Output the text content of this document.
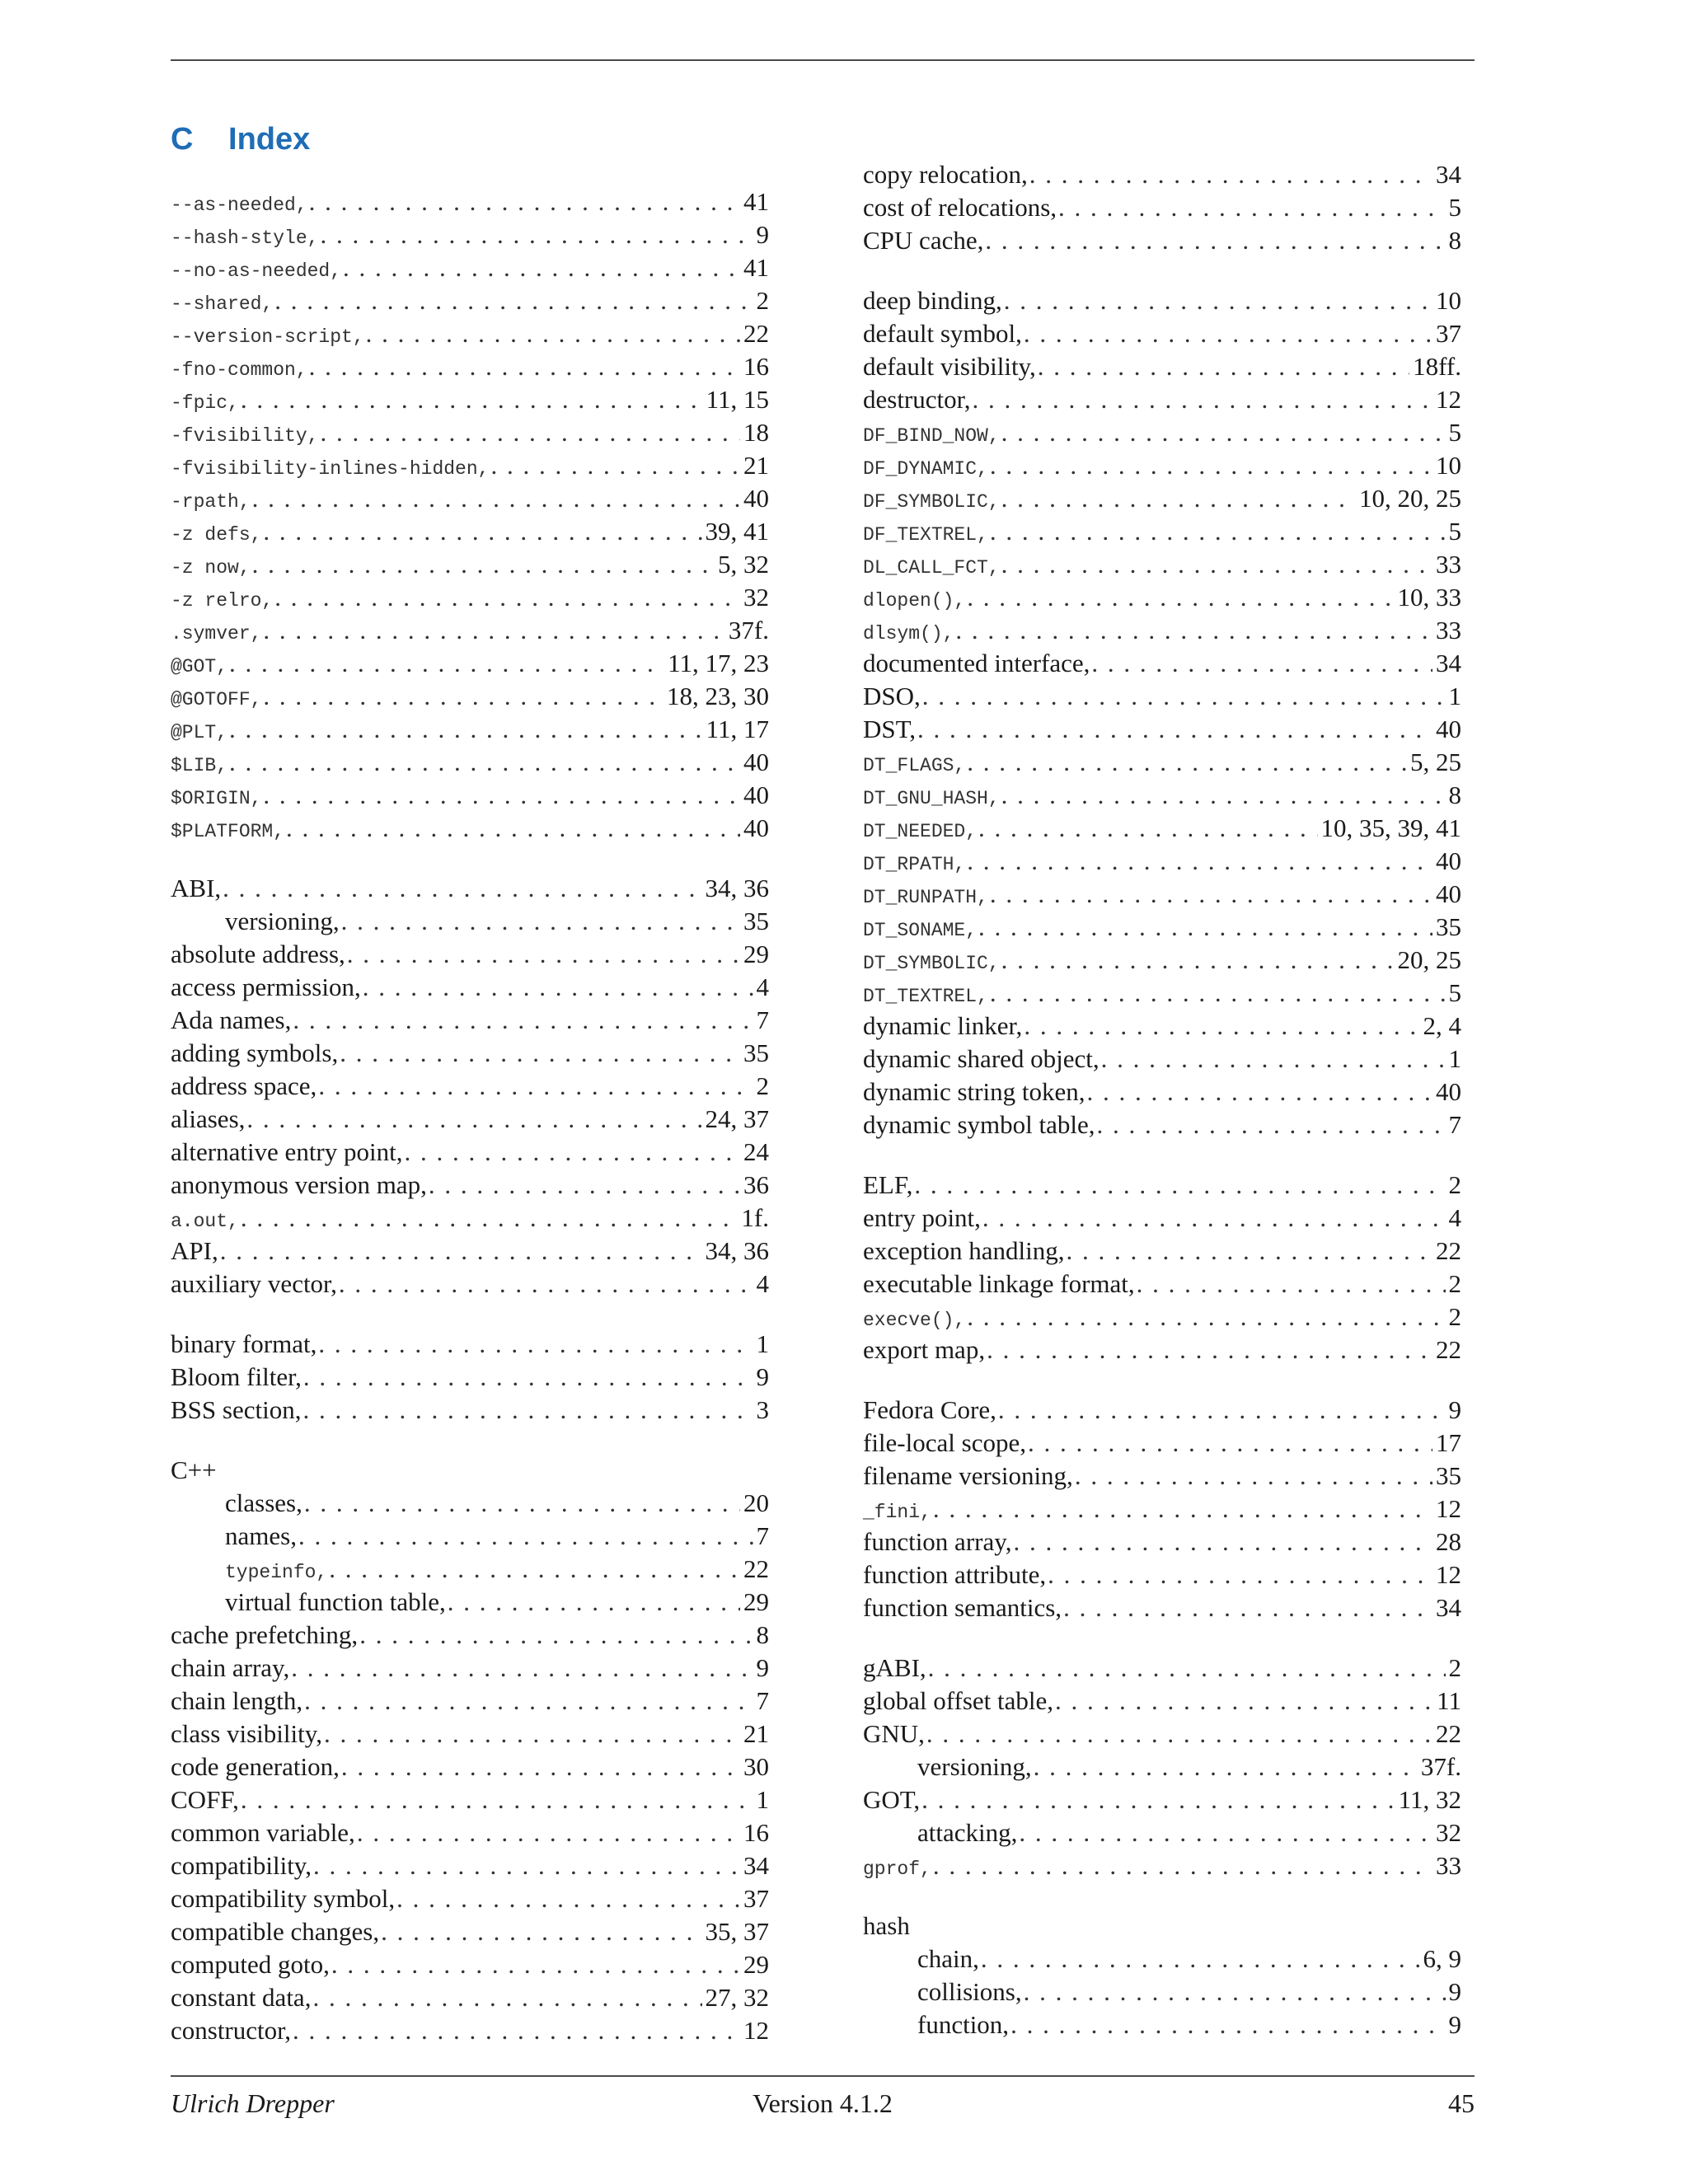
C Index
--as-needed, . . .	41
--hash-style, . . .	9
--no-as-needed, . . .	41
--shared, . . .	2
--version-script, . . .	22
-fno-common, . . .	16
-fpic, . . .	11, 15
-fvisibility, . . .	18
-fvisibility-inlines-hidden, . . .	21
-rpath, . . .	40
-z defs, . . .	39, 41
-z now, . . .	5, 32
-z relro, . . .	32
.symver, . . .	37f.
@GOT, . . .	11, 17, 23
@GOTOFF, . . .	18, 23, 30
@PLT, . . .	11, 17
$LIB, . . .	40
$ORIGIN, . . .	40
$PLATFORM, . . .	40
ABI, . . .	34, 36
versioning, . . .	35
absolute address, . . .	29
access permission, . . .	4
Ada names, . . .	7
adding symbols, . . .	35
address space, . . .	2
aliases, . . .	24, 37
alternative entry point, . . .	24
anonymous version map, . . .	36
a.out, . . .	1f.
API, . . .	34, 36
auxiliary vector, . . .	4
binary format, . . .	1
Bloom filter, . . .	9
BSS section, . . .	3
C++
classes, . . .	20
names, . . .	7
typeinfo, . . .	22
virtual function table, . . .	29
cache prefetching, . . .	8
chain array, . . .	9
chain length, . . .	7
class visibility, . . .	21
code generation, . . .	30
COFF, . . .	1
common variable, . . .	16
compatibility, . . .	34
compatibility symbol, . . .	37
compatible changes, . . .	35, 37
computed goto, . . .	29
constant data, . . .	27, 32
constructor, . . .	12
copy relocation, . . .	34
cost of relocations, . . .	5
CPU cache, . . .	8
deep binding, . . .	10
default symbol, . . .	37
default visibility, . . .	18ff.
destructor, . . .	12
DF_BIND_NOW, . . .	5
DF_DYNAMIC, . . .	10
DF_SYMBOLIC, . . .	10, 20, 25
DF_TEXTREL, . . .	5
DL_CALL_FCT, . . .	33
dlopen(), . . .	10, 33
dlsym(), . . .	33
documented interface, . . .	34
DSO, . . .	1
DST, . . .	40
DT_FLAGS, . . .	5, 25
DT_GNU_HASH, . . .	8
DT_NEEDED, . . .	10, 35, 39, 41
DT_RPATH, . . .	40
DT_RUNPATH, . . .	40
DT_SONAME, . . .	35
DT_SYMBOLIC, . . .	20, 25
DT_TEXTREL, . . .	5
dynamic linker, . . .	2, 4
dynamic shared object, . . .	1
dynamic string token, . . .	40
dynamic symbol table, . . .	7
ELF, . . .	2
entry point, . . .	4
exception handling, . . .	22
executable linkage format, . . .	2
execve(), . . .	2
export map, . . .	22
Fedora Core, . . .	9
file-local scope, . . .	17
filename versioning, . . .	35
_fini, . . .	12
function array, . . .	28
function attribute, . . .	12
function semantics, . . .	34
gABI, . . .	2
global offset table, . . .	11
GNU, . . .	22
versioning, . . .	37f.
GOT, . . .	11, 32
attacking, . . .	32
gprof, . . .	33
hash
chain, . . .	6, 9
collisions, . . .	9
function, . . .	9
Ulrich Drepper	Version 4.1.2	45
